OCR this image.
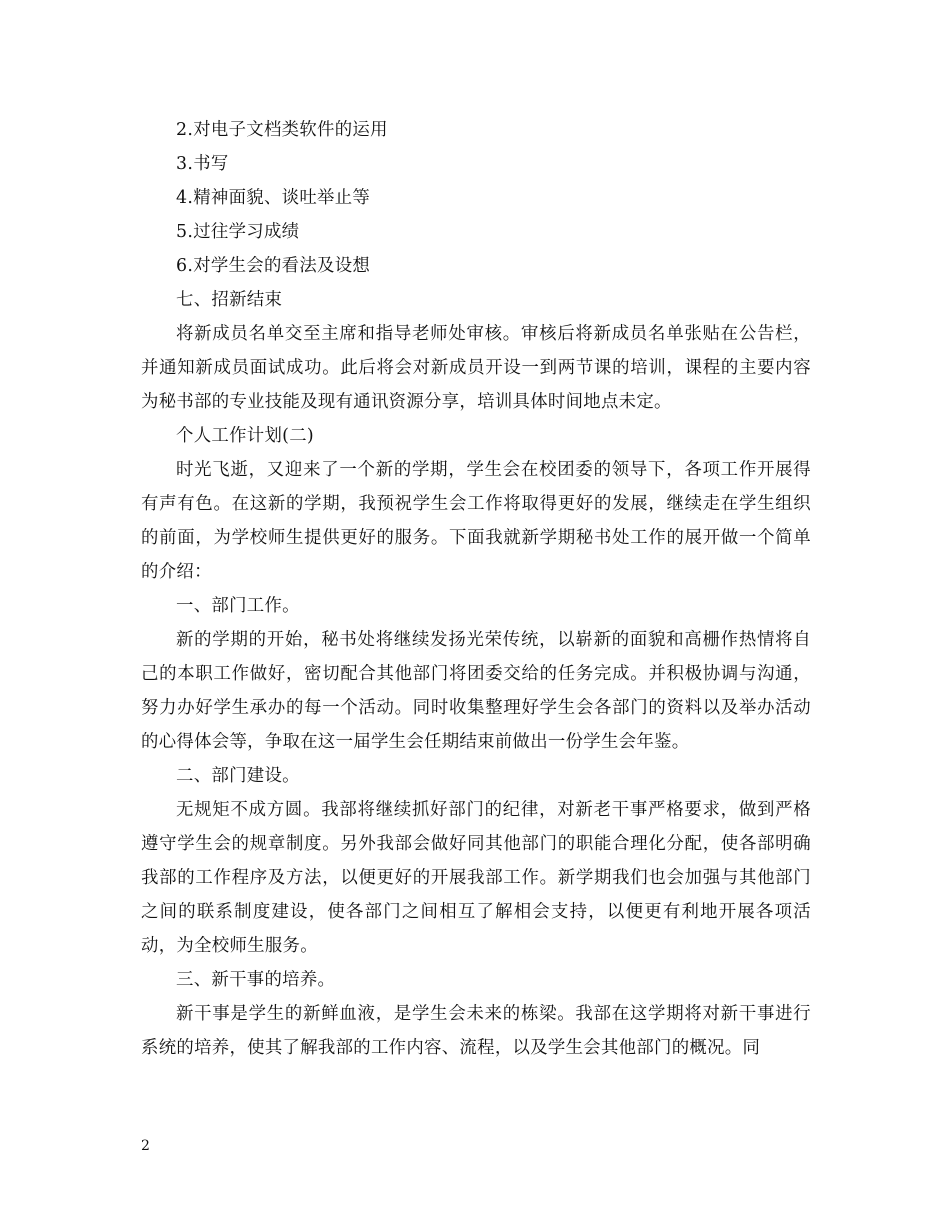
2.对电子文档类软件的运用

3.书写

4.精神面貌、谈吐举止等

5.过往学习成绩

6.对学生会的看法及设想

七、招新结束

将新成员名单交至主席和指导老师处审核。审核后将新成员名单张贴在公告栏，并通知新成员面试成功。此后将会对新成员开设一到两节课的培训，课程的主要内容为秘书部的专业技能及现有通讯资源分享，培训具体时间地点未定。

个人工作计划(二)

时光飞逝，又迎来了一个新的学期，学生会在校团委的领导下，各项工作开展得有声有色。在这新的学期，我预祝学生会工作将取得更好的发展，继续走在学生组织的前面，为学校师生提供更好的服务。下面我就新学期秘书处工作的展开做一个简单的介绍：

一、部门工作。

新的学期的开始，秘书处将继续发扬光荣传统，以崭新的面貌和高栅作热情将自己的本职工作做好，密切配合其他部门将团委交给的任务完成。并积极协调与沟通，努力办好学生承办的每一个活动。同时收集整理好学生会各部门的资料以及举办活动的心得体会等，争取在这一届学生会任期结束前做出一份学生会年鉴。

二、部门建设。

无规矩不成方圆。我部将继续抓好部门的纪律，对新老干事严格要求，做到严格遵守学生会的规章制度。另外我部会做好同其他部门的职能合理化分配，使各部明确我部的工作程序及方法，以便更好的开展我部工作。新学期我们也会加强与其他部门之间的联系制度建设，使各部门之间相互了解相会支持，以便更有利地开展各项活动，为全校师生服务。

三、新干事的培养。

新干事是学生的新鲜血液，是学生会未来的栋梁。我部在这学期将对新干事进行系统的培养，使其了解我部的工作内容、流程，以及学生会其他部门的概况。同

2
